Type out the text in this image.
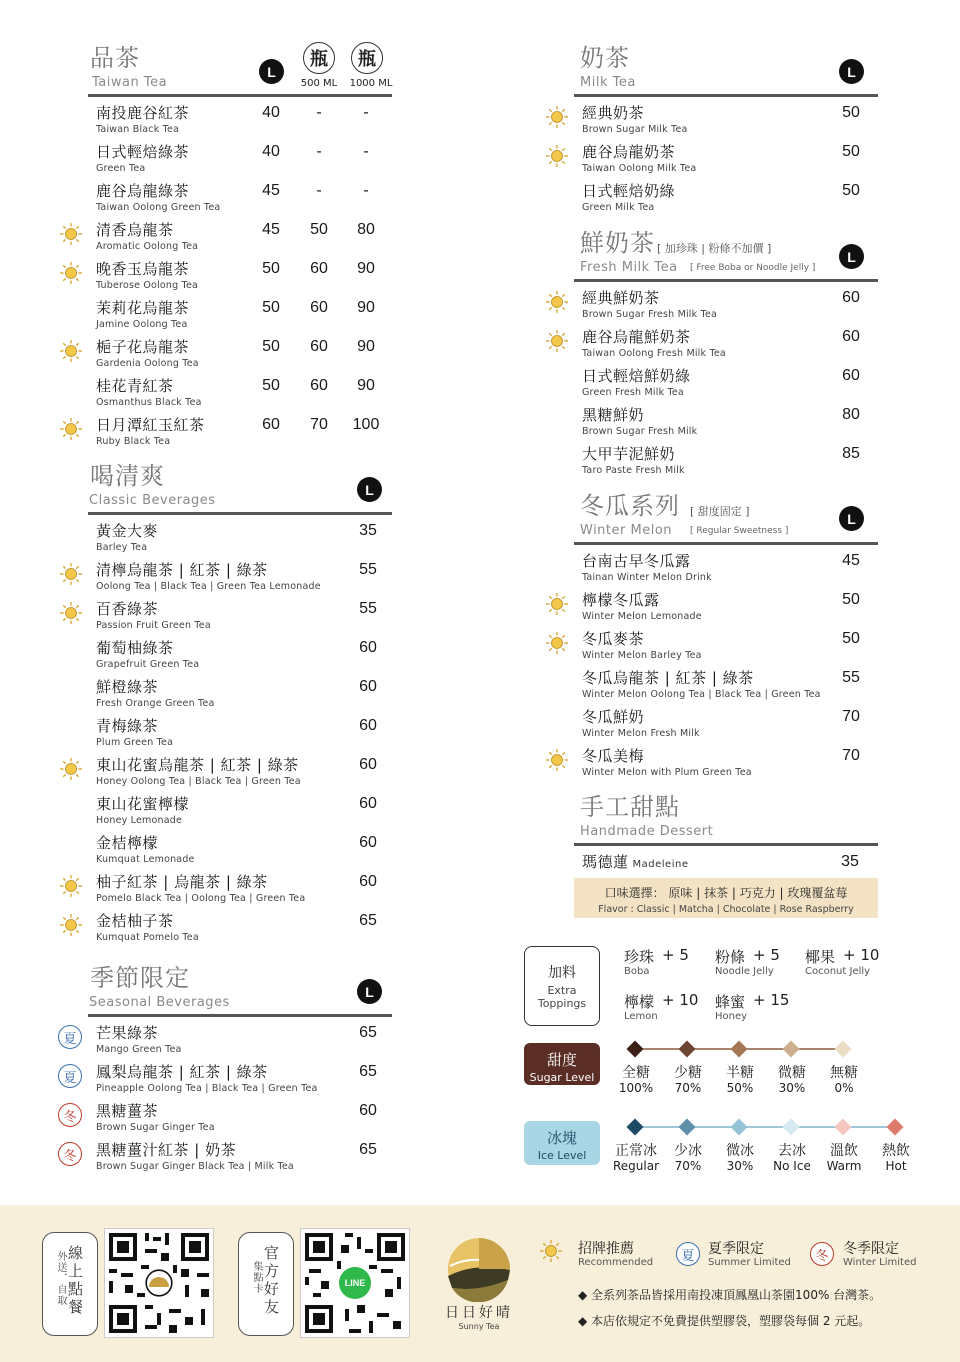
品茶
Taiwan Tea
L
瓶	瓶
500 ML	1000 ML
南投鹿谷紅茶
Taiwan Black Tea
40	-	-
日式輕焙綠茶
Green Tea
40	-	-
鹿谷烏龍綠茶
Taiwan Oolong Green Tea
45	-	-
清香烏龍茶
Aromatic Oolong Tea
45	50	80
晚香玉烏龍茶
Tuberose Oolong Tea
50	60	90
茉莉花烏龍茶
Jamine Oolong Tea
50	60	90
梔子花烏龍茶
Gardenia Oolong Tea
50	60	90
桂花青紅茶
Osmanthus Black Tea
50	60	90
日月潭紅玉紅茶
Ruby Black Tea
60	70	100
喝清爽
Classic Beverages
L
黃金大麥
Barley Tea
35
清檸烏龍茶 | 紅茶 | 綠茶
Oolong Tea | Black Tea | Green Tea Lemonade
55
百香綠茶
Passion Fruit Green Tea
55
葡萄柚綠茶
Grapefruit Green Tea
60
鮮橙綠茶
Fresh Orange Green Tea
60
青梅綠茶
Plum Green Tea
60
東山花蜜烏龍茶 | 紅茶 | 綠茶
Honey Oolong Tea | Black Tea | Green Tea
60
東山花蜜檸檬
Honey Lemonade
60
金桔檸檬
Kumquat Lemonade
60
柚子紅茶 | 烏龍茶 | 綠茶
Pomelo Black Tea | Oolong Tea | Green Tea
60
金桔柚子茶
Kumquat Pomelo Tea
65
季節限定
Seasonal Beverages
L
芒果綠茶
Mango Green Tea
夏	65
鳳梨烏龍茶 | 紅茶 | 綠茶
Pineapple Oolong Tea | Black Tea | Green Tea
夏	65
黑糖薑茶
Brown Sugar Ginger Tea
冬	60
黑糖薑汁紅茶 | 奶茶
Brown Sugar Ginger Black Tea | Milk Tea
冬	65
奶茶
Milk Tea
L
經典奶茶
Brown Sugar Milk Tea
50
鹿谷烏龍奶茶
Taiwan Oolong Milk Tea
50
日式輕焙奶綠
Green Milk Tea
50
鮮奶茶 [ 加珍珠 | 粉條不加價 ]
Fresh Milk Tea [ Free Boba or Noodle Jelly ]
L
經典鮮奶茶
Brown Sugar Fresh Milk Tea
60
鹿谷烏龍鮮奶茶
Taiwan Oolong Fresh Milk Tea
60
日式輕焙鮮奶綠
Green Fresh Milk Tea
60
黑糖鮮奶
Brown Sugar Fresh Milk
80
大甲芋泥鮮奶
Taro Paste Fresh Milk
85
冬瓜系列 [ 甜度固定 ]
Winter Melon [ Regular Sweetness ]
L
台南古早冬瓜露
Tainan Winter Melon Drink
45
檸檬冬瓜露
Winter Melon Lemonade
50
冬瓜麥茶
Winter Melon Barley Tea
50
冬瓜烏龍茶 | 紅茶 | 綠茶
Winter Melon Oolong Tea | Black Tea | Green Tea
55
冬瓜鮮奶
Winter Melon Fresh Milk
70
冬瓜美梅
Winter Melon with Plum Green Tea
70
手工甜點
Handmade Dessert
瑪德蓮 Madeleine	35
口味選擇： 原味 | 抹茶 | 巧克力 | 玫瑰覆盆莓
Flavor : Classic | Matcha | Chocolate | Rose Raspberry
加料
Extra
Toppings
珍珠 + 5
Boba
粉條 + 5
Noodle Jelly
椰果 + 10
Coconut Jelly
檸檬 + 10
Lemon
蜂蜜 + 15
Honey
甜度
Sugar Level	全糖
100%
少糖
70%
半糖
50%
微糖
30%
無糖
0%
冰塊
Ice Level	正常冰
Regular
少冰
70%
微冰
30%
去冰
No Ice
溫飲
Warm
熱飲
Hot
線上點餐
外送．自取	官方好友
集點卡	LINE
日日好晴
Sunny Tea
招牌推薦
Recommended	夏 夏季限定
Summer Limited	冬	冬季限定
Winter Limited
◆ 全系列茶品皆採用南投凍頂鳳凰山茶園100% 台灣茶。
◆ 本店依規定不免費提供塑膠袋，塑膠袋每個 2 元起。
